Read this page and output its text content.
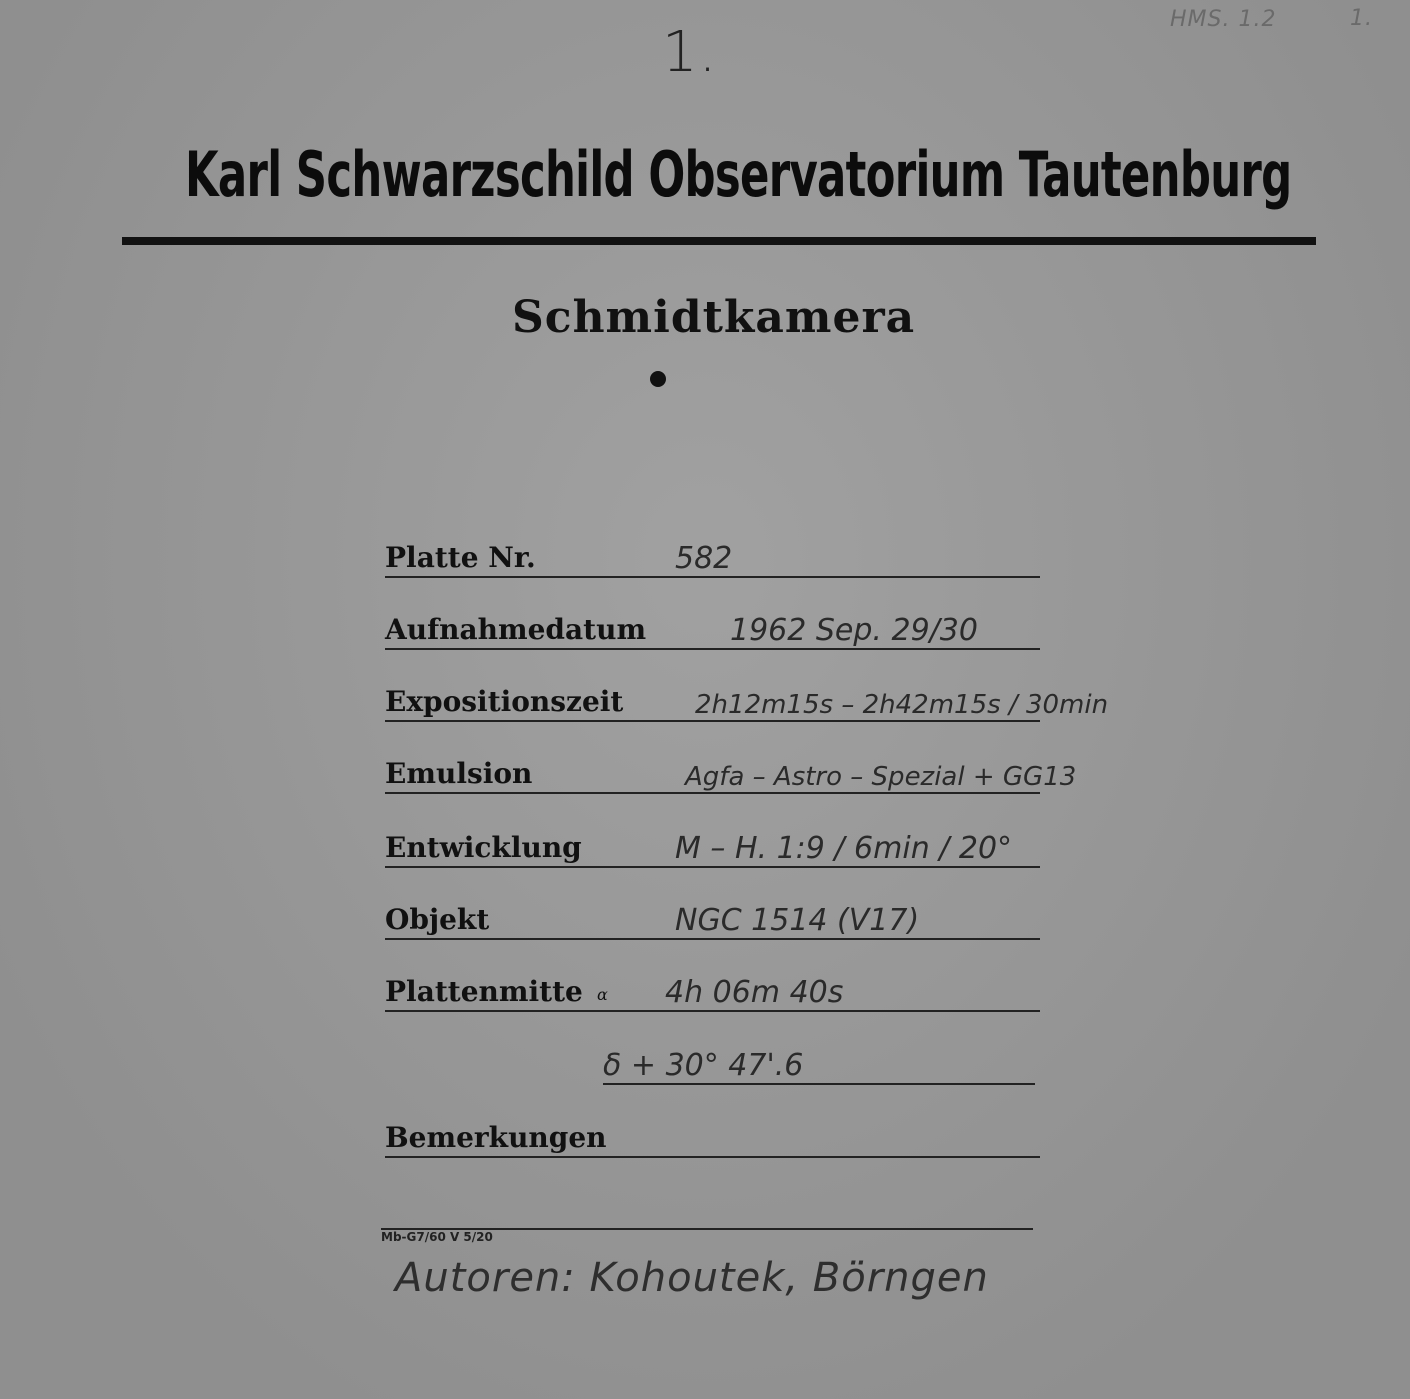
1.
HMS. 1.2	1.
Karl Schwarzschild Observatorium Tautenburg
Schmidtkamera
Platte Nr.	582
Aufnahmedatum	1962 Sep. 29/30
Expositionszeit	2h12m15s – 2h42m15s / 30min
Emulsion	Agfa – Astro – Spezial + GG13
Entwicklung	M – H. 1:9 / 6min / 20°
Objekt	NGC 1514 (V17)
Plattenmitte α 4h 06m 40s
δ + 30° 47'.6
Bemerkungen
Mb-G7/60 V 5/20
Autoren: Kohoutek, Börngen
